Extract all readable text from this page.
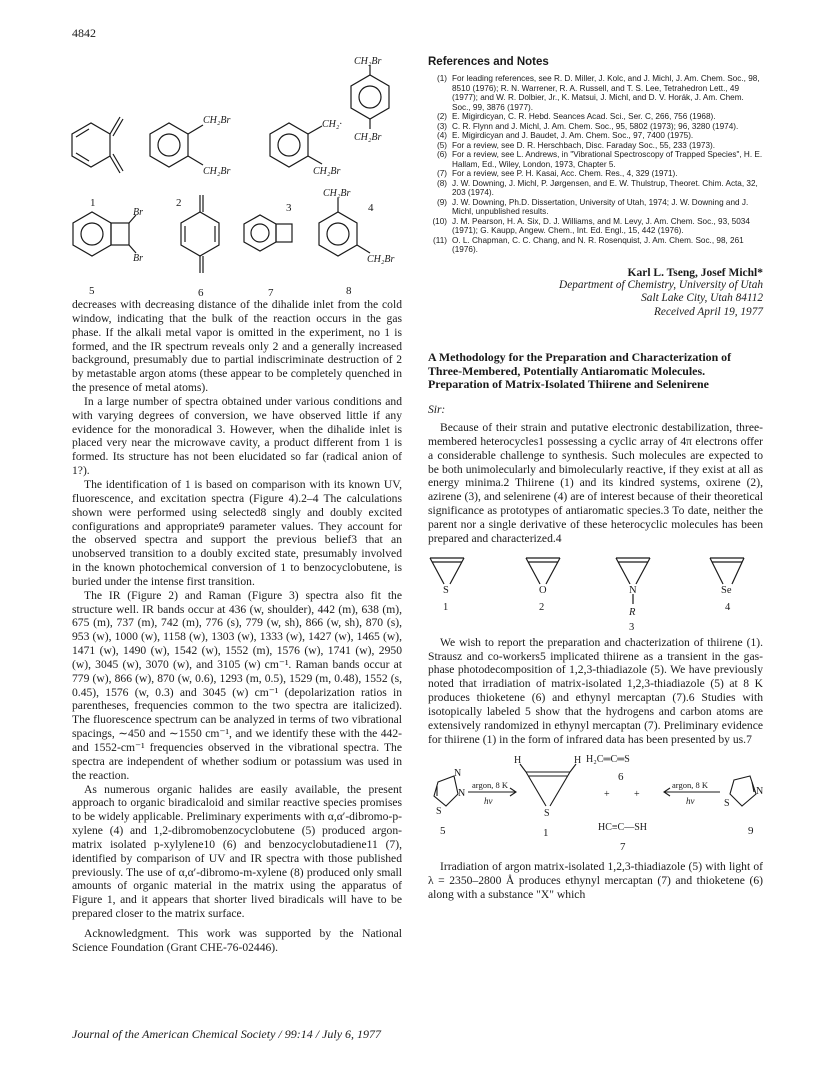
4842
CH₂Br
CH₂Br
CH₂·
CH₂Br
CH₂Br
CH₂Br
Br
Br
CH₂Br
CH₂Br
1	2	3	4
5	6	7	8

decreases with decreasing distance of the dihalide inlet from the cold window, indicating that the bulk of the reaction occurs in the gas phase. If the alkali metal vapor is omitted in the experiment, no 1 is formed, and the IR spectrum reveals only 2 and a generally increased background, presumably due to partial indiscriminate destruction of 2 by metastable argon atoms (these appear to be completely quenched in the presence of metal atoms).

In a large number of spectra obtained under various conditions and with varying degrees of conversion, we have observed little if any evidence for the monoradical 3. However, when the dihalide inlet is placed very near the microwave cavity, a product different from 1 is formed. Its structure has not been elucidated so far (radical anion of 1?).

The identification of 1 is based on comparison with its known UV, fluorescence, and excitation spectra (Figure 4).2–4 The calculations shown were performed using selected8 singly and doubly excited configurations and appropriate9 parameter values. They account for the observed spectra and support the previous belief3 that an unobserved transition to a doubly excited state, presumably involved in the known photochemical conversion of 1 to benzocyclobutene, is buried under the intense first transition.

The IR (Figure 2) and Raman (Figure 3) spectra also fit the structure well. IR bands occur at 436 (w, shoulder), 442 (m), 638 (m), 675 (m), 737 (m), 742 (m), 776 (s), 779 (w, sh), 866 (w, sh), 870 (s), 953 (w), 1000 (w), 1158 (w), 1303 (w), 1333 (w), 1427 (w), 1465 (w), 1471 (w), 1490 (w), 1542 (w), 1552 (m), 1576 (w), 1741 (w), 2950 (w), 3045 (w), 3070 (w), and 3105 (w) cm⁻¹. Raman bands occur at 779 (w), 866 (w), 870 (w, 0.6), 1293 (m, 0.5), 1529 (m, 0.48), 1552 (s, 0.45), 1576 (w, 0.3) and 3045 (w) cm⁻¹ (depolarization ratios in parentheses, frequencies common to the two spectra are italicized). The fluorescence spectrum can be analyzed in terms of two vibrational spacings, ∼450 and ∼1550 cm⁻¹, and we identify these with the 442- and 1552-cm⁻¹ frequencies observed in the vibrational spectra. The spectra are independent of whether sodium or potassium was used in the reaction.

As numerous organic halides are easily available, the present approach to organic biradicaloid and similar reactive species promises to be widely applicable. Preliminary experiments with α,α′-dibromo-p-xylene (4) and 1,2-dibromobenzocyclobutene (5) produced argon-matrix isolated p-xylylene10 (6) and benzocyclobutadiene11 (7), identified by comparison of UV and IR spectra with those published previously. The use of α,α′-dibromo-m-xylene (8) produced only small amounts of organic material in the matrix using the apparatus of Figure 1, and it appears that shorter lived biradicals will have to be prepared closer to the matrix surface.

Acknowledgment. This work was supported by the National Science Foundation (Grant CHE-76-02446).

References and Notes
(1) For leading references, see R. D. Miller, J. Kolc, and J. Michl, J. Am. Chem. Soc., 98, 8510 (1976); R. N. Warrener, R. A. Russell, and T. S. Lee, Tetrahedron Lett., 49 (1977); and W. R. Dolbier, Jr., K. Matsui, J. Michl, and D. V. Horák, J. Am. Chem. Soc., 99, 3876 (1977).
(2) E. Migirdicyan, C. R. Hebd. Seances Acad. Sci., Ser. C, 266, 756 (1968).
(3) C. R. Flynn and J. Michl, J. Am. Chem. Soc., 95, 5802 (1973); 96, 3280 (1974).
(4) E. Migirdicyan and J. Baudet, J. Am. Chem. Soc., 97, 7400 (1975).
(5) For a review, see D. R. Herschbach, Disc. Faraday Soc., 55, 233 (1973).
(6) For a review, see L. Andrews, in "Vibrational Spectroscopy of Trapped Species", H. E. Hallam, Ed., Wiley, London, 1973, Chapter 5.
(7) For a review, see P. H. Kasai, Acc. Chem. Res., 4, 329 (1971).
(8) J. W. Downing, J. Michl, P. Jørgensen, and E. W. Thulstrup, Theoret. Chim. Acta, 32, 203 (1974).
(9) J. W. Downing, Ph.D. Dissertation, University of Utah, 1974; J. W. Downing and J. Michl, unpublished results.
(10) J. M. Pearson, H. A. Six, D. J. Williams, and M. Levy, J. Am. Chem. Soc., 93, 5034 (1971); G. Kaupp, Angew. Chem., Int. Ed. Engl., 15, 442 (1976).
(11) O. L. Chapman, C. C. Chang, and N. R. Rosenquist, J. Am. Chem. Soc., 98, 261 (1976).
Karl L. Tseng, Josef Michl*
Department of Chemistry, University of Utah
Salt Lake City, Utah 84112
Received April 19, 1977
A Methodology for the Preparation and Characterization of Three-Membered, Potentially Antiaromatic Molecules. Preparation of Matrix-Isolated Thiirene and Selenirene
Sir:

Because of their strain and putative electronic destabilization, three-membered heterocycles1 possessing a cyclic array of 4π electrons offer a considerable challenge to synthesis. Such molecules are expected to be both unimolecularly and bimolecularly reactive, if they exist at all as energy minima.2 Thiirene (1) and its kindred systems, oxirene (2), azirene (3), and selenirene (4) are of interest because of their theoretical significance as prototypes of antiaromatic species.3 To date, neither the parent nor a single derivative of these heterocyclic molecules has been prepared and characterized.4

S	O	N	Se
R
1	2
3
4

We wish to report the preparation and chacterization of thiirene (1). Strausz and co-workers5 implicated thiirene as a transient in the gas-phase photodecomposition of 1,2,3-thiadiazole (5). We have previously noted that irradiation of matrix-isolated 1,2,3-thiadiazole (5) at 8 K produces thioketene (6) and ethynyl mercaptan (7).6 Studies with isotopically labeled 5 show that the hydrogens and carbon atoms are extensively randomized in ethynyl mercaptan (7). Preliminary evidence for thiirene (1) in the form of infrared data has been presented by us.7

N
N
S
argon, 8 K
hν
H	H
S
H₂C═C═S
+ +
HC≡C—SH
argon, 8 K
hν
N
S
5	1
6
7
9

Irradiation of argon matrix-isolated 1,2,3-thiadiazole (5) with light of λ = 2350–2800 Å produces ethynyl mercaptan (7) and thioketene (6) along with a substance "X" which

Journal of the American Chemical Society / 99:14 / July 6, 1977
